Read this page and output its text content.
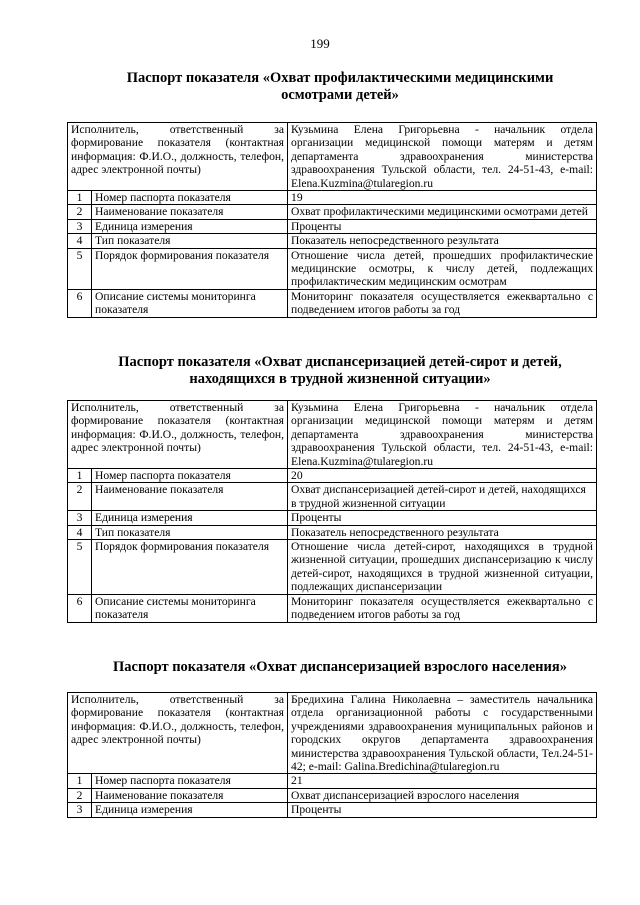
199
Паспорт показателя «Охват профилактическими медицинскими
осмотрами детей»
Исполнитель, ответственный за формирование показателя (контактная информация: Ф.И.О., должность, телефон, адрес электронной почты)		Кузьмина Елена Григорьевна - начальник отдела организации медицинской помощи матерям и детям департамента здравоохранения министерства здравоохранения Тульской области, тел. 24-51-43, e-mail: Elena.Kuzmina@tularegion.ru
1	Номер паспорта показателя	19
2	Наименование показателя	Охват профилактическими медицинскими осмотрами детей
3	Единица измерения	Проценты
4	Тип показателя	Показатель непосредственного результата
5	Порядок формирования показателя	Отношение числа детей, прошедших профилактические медицинские осмотры, к числу детей, подлежащих профилактическим медицинским осмотрам
6	Описание системы мониторинга показателя	Мониторинг показателя осуществляется ежеквартально с подведением итогов работы за год
Паспорт показателя «Охват диспансеризацией детей-сирот и детей,
находящихся в трудной жизненной ситуации»
Исполнитель, ответственный за формирование показателя (контактная информация: Ф.И.О., должность, телефон, адрес электронной почты)		Кузьмина Елена Григорьевна - начальник отдела организации медицинской помощи матерям и детям департамента здравоохранения министерства здравоохранения Тульской области, тел. 24-51-43, e-mail: Elena.Kuzmina@tularegion.ru
1	Номер паспорта показателя	20
2	Наименование показателя	Охват диспансеризацией детей-сирот и детей, находящихся в трудной жизненной ситуации
3	Единица измерения	Проценты
4	Тип показателя	Показатель непосредственного результата
5	Порядок формирования показателя	Отношение числа детей-сирот, находящихся в трудной жизненной ситуации, прошедших диспансеризацию к числу детей-сирот, находящихся в трудной жизненной ситуации, подлежащих диспансеризации
6	Описание системы мониторинга показателя	Мониторинг показателя осуществляется ежеквартально с подведением итогов работы за год
Паспорт показателя «Охват диспансеризацией взрослого населения»
Исполнитель, ответственный за формирование показателя (контактная информация: Ф.И.О., должность, телефон, адрес электронной почты)		Бредихина Галина Николаевна – заместитель начальника отдела организационной работы с государственными учреждениями здравоохранения муниципальных районов и городских округов департамента здравоохранения министерства здравоохранения Тульской области, Тел.24-51-42; e-mail: Galina.Bredichina@tularegion.ru
1	Номер паспорта показателя	21
2	Наименование показателя	Охват диспансеризацией взрослого населения
3	Единица измерения	Проценты
